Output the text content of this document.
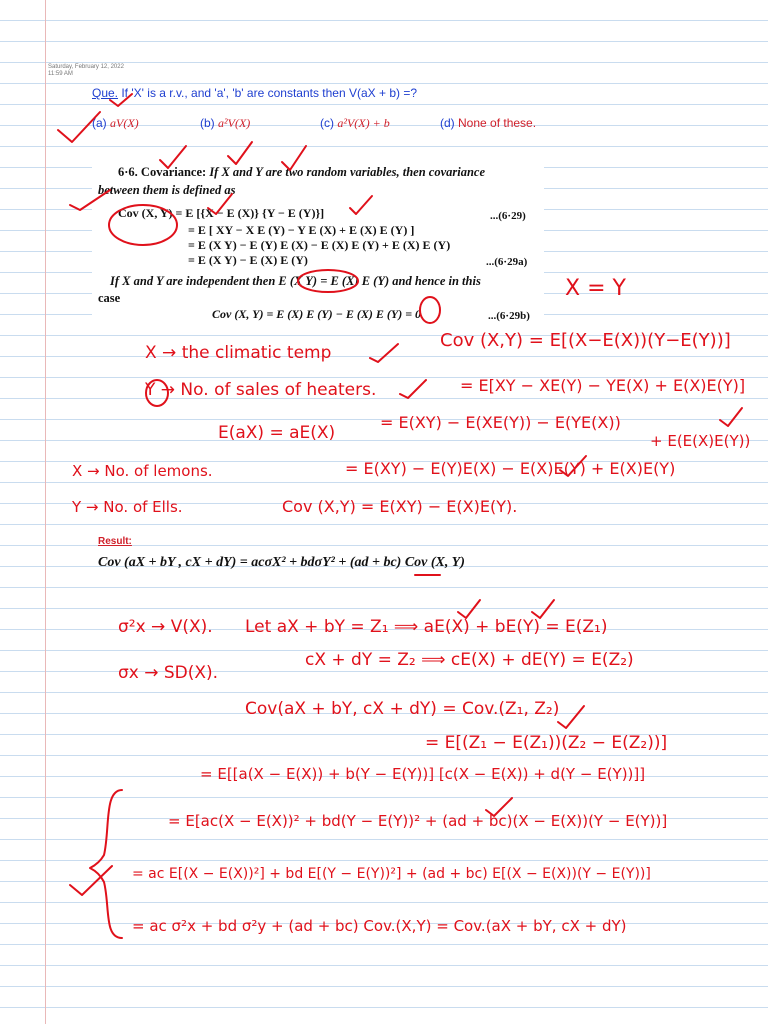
Saturday, February 12, 2022
11:59 AM
Que. If 'X' is a r.v., and 'a', 'b' are constants then V(aX + b) =?
(a) aV(X)	(b) a²V(X)	(c) a²V(X) + b	(d) None of these.
6·6. Covariance: If X and Y are two random variables, then covariance
between them is defined as
Cov (X, Y) = E [{X − E (X)} {Y − E (Y)}]	...(6·29)
= E [ XY − X E (Y) − Y E (X) + E (X) E (Y) ]
= E (X Y) − E (Y) E (X) − E (X) E (Y) + E (X) E (Y)
= E (X Y) − E (X) E (Y)	...(6·29a)
If X and Y are independent then E (X Y) = E (X) E (Y) and hence in this
case
Cov (X, Y) = E (X) E (Y) − E (X) E (Y) = 0	...(6·29b)
X = Y
X → the climatic temp
Cov (X,Y) = E[(X−E(X))(Y−E(Y))]
Y → No. of sales of heaters.	= E[XY − XE(Y) − YE(X) + E(X)E(Y)]
E(aX) = aE(X)
= E(XY) − E(XE(Y)) − E(YE(X))
+ E(E(X)E(Y))
X → No. of lemons.	= E(XY) − E(Y)E(X) − E(X)E(Y) + E(X)E(Y)
Y → No. of Ells.	Cov (X,Y) = E(XY) − E(X)E(Y).
Result:
Cov (aX + bY , cX + dY) = acσX² + bdσY² + (ad + bc) Cov (X, Y)
σ²x → V(X). Let aX + bY = Z₁ ⟹ aE(X) + bE(Y) = E(Z₁)
σx → SD(X).
cX + dY = Z₂ ⟹ cE(X) + dE(Y) = E(Z₂)
Cov(aX + bY, cX + dY) = Cov.(Z₁, Z₂)
= E[(Z₁ − E(Z₁))(Z₂ − E(Z₂))]
= E[[a(X − E(X)) + b(Y − E(Y))] [c(X − E(X)) + d(Y − E(Y))]]
= E[ac(X − E(X))² + bd(Y − E(Y))² + (ad + bc)(X − E(X))(Y − E(Y))]
= ac E[(X − E(X))²] + bd E[(Y − E(Y))²] + (ad + bc) E[(X − E(X))(Y − E(Y))]
= ac σ²x + bd σ²y + (ad + bc) Cov.(X,Y) = Cov.(aX + bY, cX + dY)
